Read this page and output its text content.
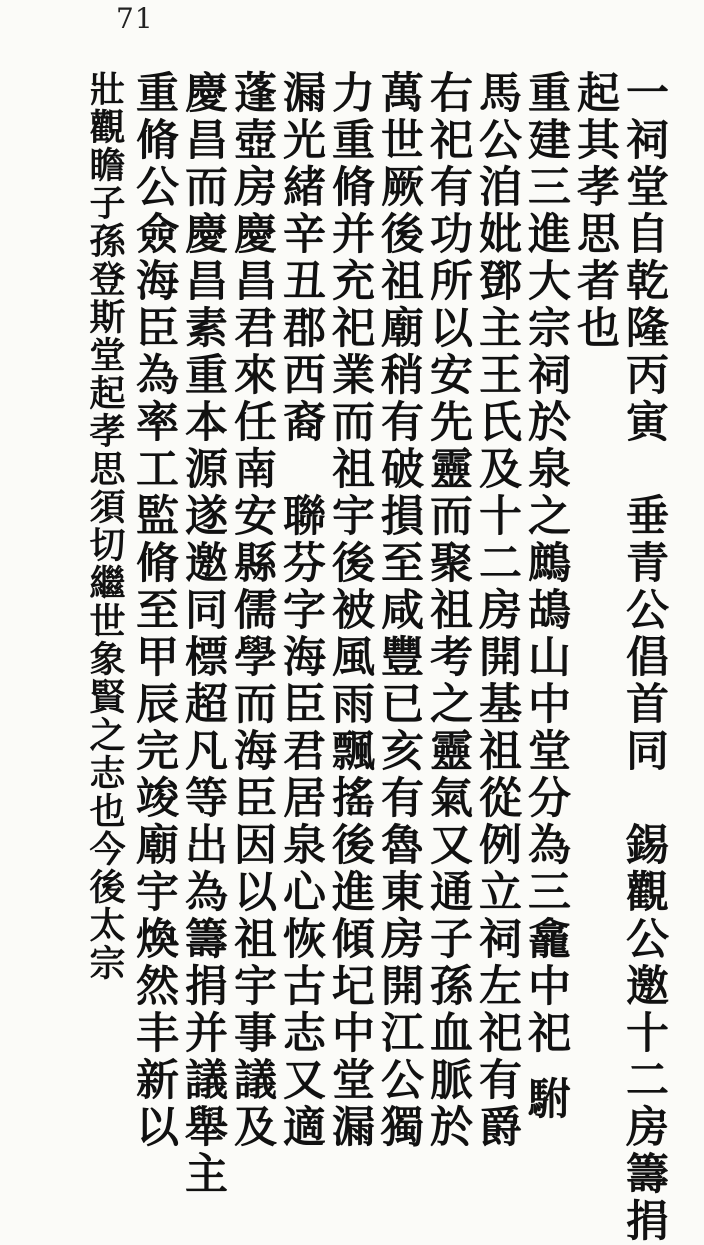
71
一祠堂自乾隆丙寅　垂青公倡首同　錫觀公邀十二房籌捐
起其孝思者也
重建三進大宗祠於泉之鷓鴣山中堂分為三龕中祀 駙
馬公洎妣鄧主王氏及十二房開基祖從例立祠左祀有爵
右祀有功所以安先靈而聚祖考之靈氣又通子孫血脈於
萬世厥後祖廟稍有破損至咸豐已亥有魯東房開江公獨
力重脩并充祀業而祖宇後被風雨飄搖後進傾圮中堂漏
漏光緒辛丑郡西裔　聯芬字海臣君居泉心恢古志又適
蓬壺房慶昌君來任南安縣儒學而海臣因以祖宇事議及
慶昌而慶昌素重本源遂邀同標超凡等出為籌捐并議舉主
重脩公僉海臣為率工監脩至甲辰完竣廟宇煥然丰新以
壯觀瞻子孫登斯堂起孝思須切繼世象賢之志也今後太宗
